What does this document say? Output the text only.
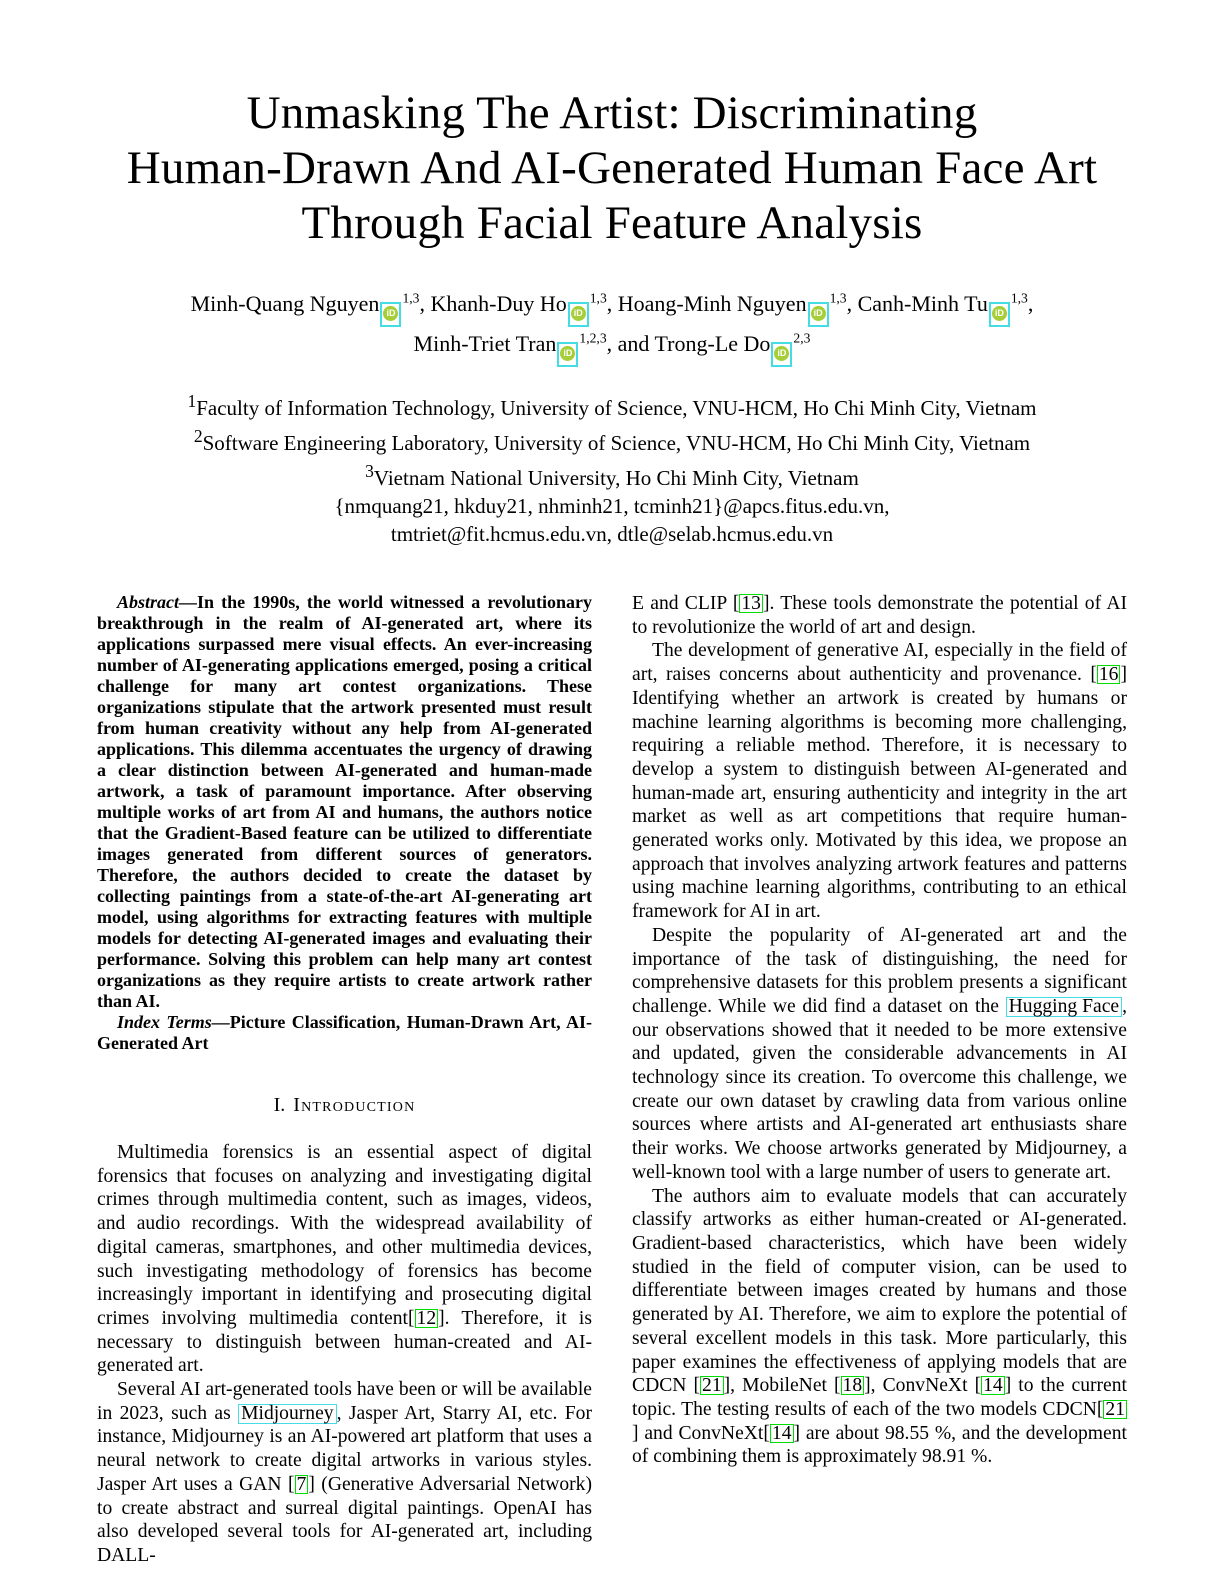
Unmasking The Artist: Discriminating
Human-Drawn And AI-Generated Human Face Art
Through Facial Feature Analysis
Minh-Quang Nguyen iD$^{1,3}$, Khanh-Duy Ho iD$^{1,3}$, Hoang-Minh Nguyen iD$^{1,3}$, Canh-Minh Tu iD$^{1,3}$,
Minh-Triet Tran iD$^{1,2,3}$, and Trong-Le Do iD$^{2,3}$
$^1$Faculty of Information Technology, University of Science, VNU-HCM, Ho Chi Minh City, Vietnam
$^2$Software Engineering Laboratory, University of Science, VNU-HCM, Ho Chi Minh City, Vietnam
$^3$Vietnam National University, Ho Chi Minh City, Vietnam
{nmquang21, hkduy21, nhminh21, tcminh21}@apcs.fitus.edu.vn,
tmtriet@fit.hcmus.edu.vn, dtle@selab.hcmus.edu.vn

Abstract—In the 1990s, the world witnessed a revolutionary breakthrough in the realm of AI-generated art, where its applications surpassed mere visual effects. An ever-increasing number of AI-generating applications emerged, posing a critical challenge for many art contest organizations. These organizations stipulate that the artwork presented must result from human creativity without any help from AI-generated applications. This dilemma accentuates the urgency of drawing a clear distinction between AI-generated and human-made artwork, a task of paramount importance. After observing multiple works of art from AI and humans, the authors notice that the Gradient-Based feature can be utilized to differentiate images generated from different sources of generators. Therefore, the authors decided to create the dataset by collecting paintings from a state-of-the-art AI-generating art model, using algorithms for extracting features with multiple models for detecting AI-generated images and evaluating their performance. Solving this problem can help many art contest organizations as they require artists to create artwork rather than AI.

Index Terms—Picture Classification, Human-Drawn Art, AI-Generated Art

I. Introduction

Multimedia forensics is an essential aspect of digital forensics that focuses on analyzing and investigating digital crimes through multimedia content, such as images, videos, and audio recordings. With the widespread availability of digital cameras, smartphones, and other multimedia devices, such investigating methodology of forensics has become increasingly important in identifying and prosecuting digital crimes involving multimedia content[ 12 ]. Therefore, it is necessary to distinguish between human-created and AI-generated art.

Several AI art-generated tools have been or will be available in 2023, such as Midjourney , Jasper Art, Starry AI, etc. For instance, Midjourney is an AI-powered art platform that uses a neural network to create digital artworks in various styles. Jasper Art uses a GAN [ 7 ] (Generative Adversarial Network) to create abstract and surreal digital paintings. OpenAI has also developed several tools for AI-generated art, including DALL-

E and CLIP [ 13 ]. These tools demonstrate the potential of AI to revolutionize the world of art and design.

The development of generative AI, especially in the field of art, raises concerns about authenticity and provenance. [ 16 ] Identifying whether an artwork is created by humans or machine learning algorithms is becoming more challenging, requiring a reliable method. Therefore, it is necessary to develop a system to distinguish between AI-generated and human-made art, ensuring authenticity and integrity in the art market as well as art competitions that require human-generated works only. Motivated by this idea, we propose an approach that involves analyzing artwork features and patterns using machine learning algorithms, contributing to an ethical framework for AI in art.

Despite the popularity of AI-generated art and the importance of the task of distinguishing, the need for comprehensive datasets for this problem presents a significant challenge. While we did find a dataset on the Hugging Face , our observations showed that it needed to be more extensive and updated, given the considerable advancements in AI technology since its creation. To overcome this challenge, we create our own dataset by crawling data from various online sources where artists and AI-generated art enthusiasts share their works. We choose artworks generated by Midjourney, a well-known tool with a large number of users to generate art.

The authors aim to evaluate models that can accurately classify artworks as either human-created or AI-generated. Gradient-based characteristics, which have been widely studied in the field of computer vision, can be used to differentiate between images created by humans and those generated by AI. Therefore, we aim to explore the potential of several excellent models in this task. More particularly, this paper examines the effectiveness of applying models that are CDCN [ 21 ], MobileNet [ 18 ], ConvNeXt [ 14 ] to the current topic. The testing results of each of the two models CDCN[ 21] and ConvNeXt[ 14 ] are about 98.55 %, and the development of combining them is approximately 98.91 %.
